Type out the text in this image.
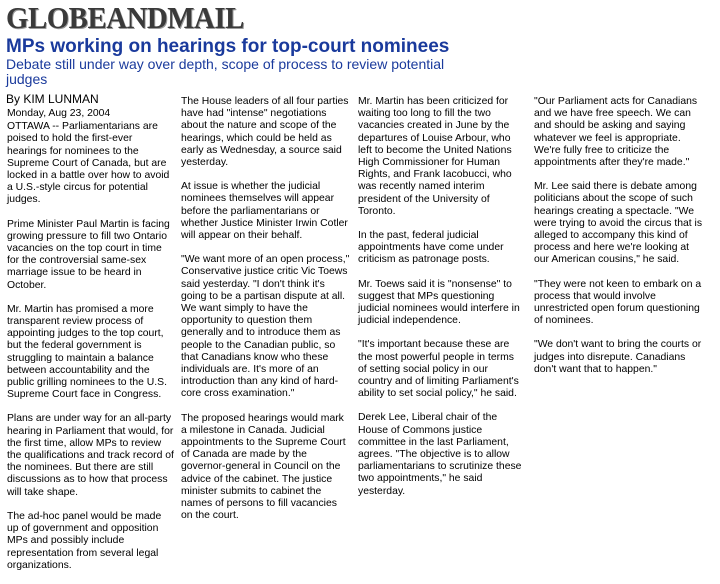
GLOBEANDMAIL
MPs working on hearings for top-court nominees
Debate still under way over depth, scope of process to review potential judges
By KIM LUNMAN
Monday, Aug 23, 2004

OTTAWA -- Parliamentarians are poised to hold the first-ever hearings for nominees to the Supreme Court of Canada, but are locked in a battle over how to avoid a U.S.-style circus for potential judges.

Prime Minister Paul Martin is facing growing pressure to fill two Ontario vacancies on the top court in time for the controversial same-sex marriage issue to be heard in October.

Mr. Martin has promised a more transparent review process of appointing judges to the top court, but the federal government is struggling to maintain a balance between accountability and the public grilling nominees to the U.S. Supreme Court face in Congress.

Plans are under way for an all-party hearing in Parliament that would, for the first time, allow MPs to review the qualifications and track record of the nominees. But there are still discussions as to how that process will take shape.

The ad-hoc panel would be made up of government and opposition MPs and possibly include representation from several legal organizations.

The House leaders of all four parties have had "intense" negotiations about the nature and scope of the hearings, which could be held as early as Wednesday, a source said yesterday.

At issue is whether the judicial nominees themselves will appear before the parliamentarians or whether Justice Minister Irwin Cotler will appear on their behalf.

"We want more of an open process," Conservative justice critic Vic Toews said yesterday. "I don't think it's going to be a partisan dispute at all. We want simply to have the opportunity to question them generally and to introduce them as people to the Canadian public, so that Canadians know who these individuals are. It's more of an introduction than any kind of hard-core cross examination."

The proposed hearings would mark a milestone in Canada. Judicial appointments to the Supreme Court of Canada are made by the governor-general in Council on the advice of the cabinet. The justice minister submits to cabinet the names of persons to fill vacancies on the court.

Mr. Martin has been criticized for waiting too long to fill the two vacancies created in June by the departures of Louise Arbour, who left to become the United Nations High Commissioner for Human Rights, and Frank Iacobucci, who was recently named interim president of the University of Toronto.

In the past, federal judicial appointments have come under criticism as patronage posts.

Mr. Toews said it is "nonsense" to suggest that MPs questioning judicial nominees would interfere in judicial independence.

"It's important because these are the most powerful people in terms of setting social policy in our country and of limiting Parliament's ability to set social policy," he said.

Derek Lee, Liberal chair of the House of Commons justice committee in the last Parliament, agrees. "The objective is to allow parliamentarians to scrutinize these two appointments," he said yesterday.

"Our Parliament acts for Canadians and we have free speech. We can and should be asking and saying whatever we feel is appropriate. We're fully free to criticize the appointments after they're made."

Mr. Lee said there is debate among politicians about the scope of such hearings creating a spectacle. "We were trying to avoid the circus that is alleged to accompany this kind of process and here we're looking at our American cousins," he said.

"They were not keen to embark on a process that would involve unrestricted open forum questioning of nominees.

"We don't want to bring the courts or judges into disrepute. Canadians don't want that to happen."
